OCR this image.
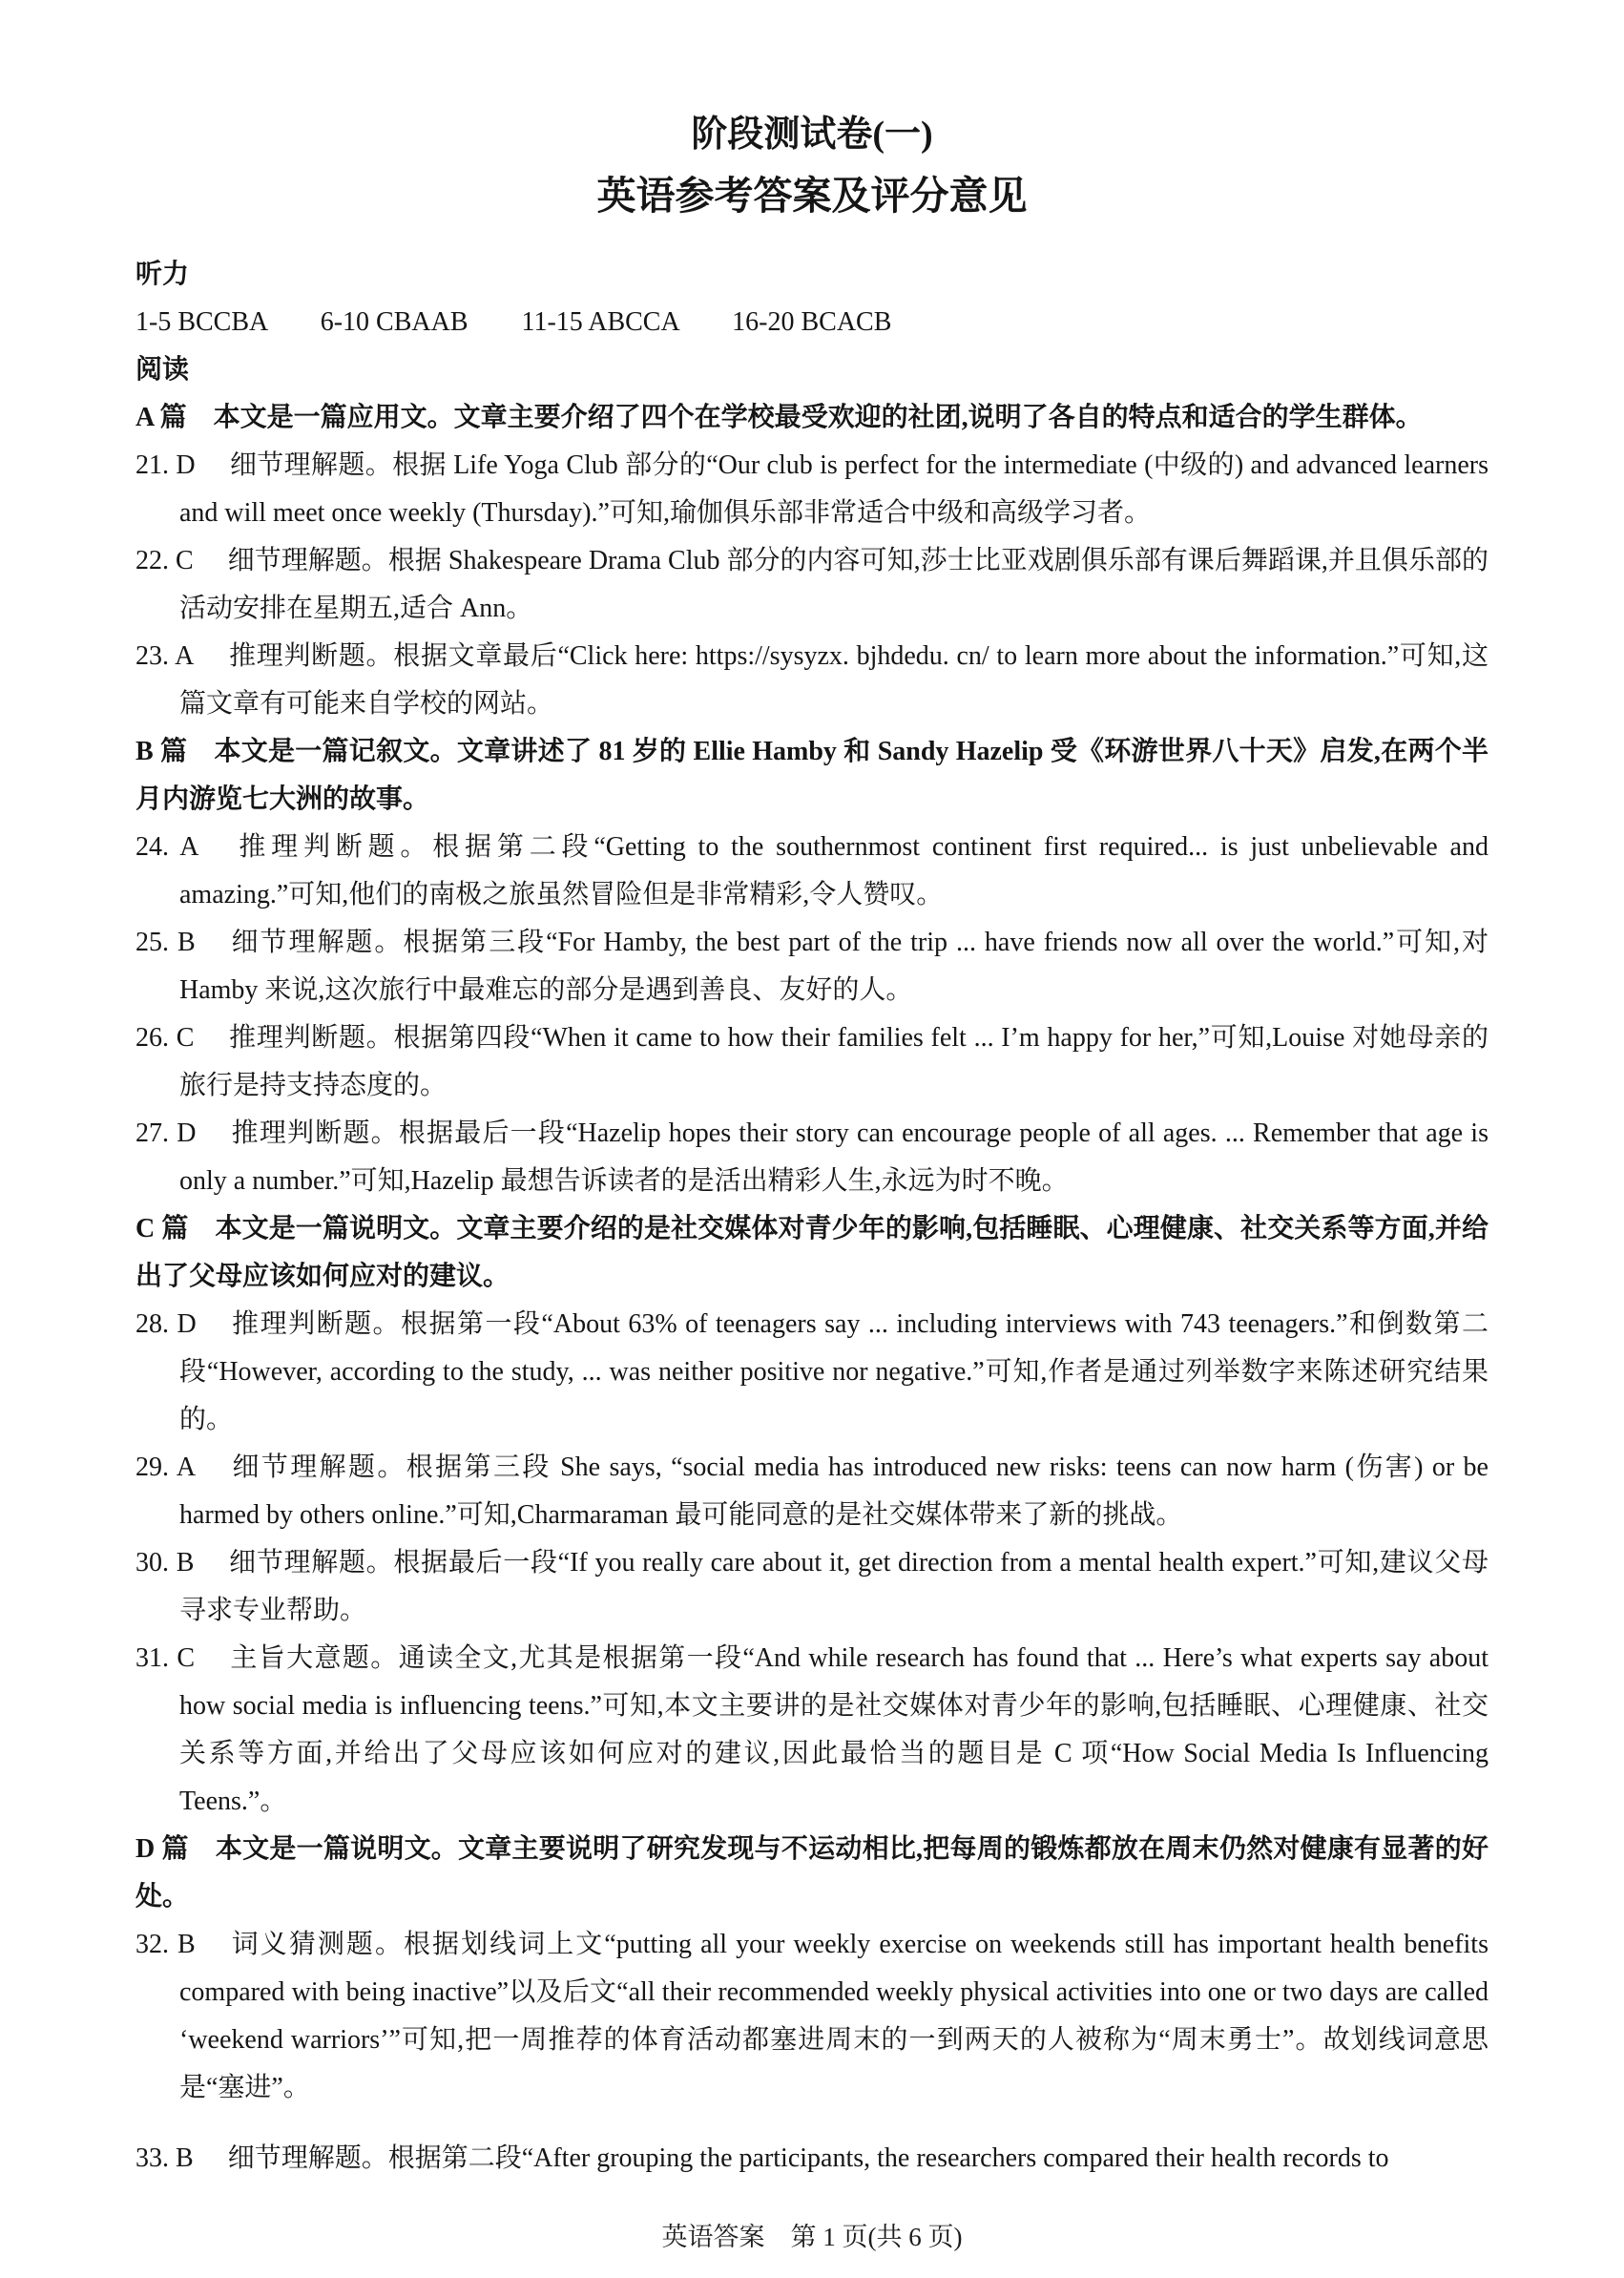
阶段测试卷(一)
英语参考答案及评分意见
听力
1-5 BCCBA　　6-10 CBAAB　　11-15 ABCCA　　16-20 BCACB
阅读
A 篇　本文是一篇应用文。文章主要介绍了四个在学校最受欢迎的社团,说明了各自的特点和适合的学生群体。
21. D 细节理解题。根据 Life Yoga Club 部分的“Our club is perfect for the intermediate (中级的) and advanced learners and will meet once weekly (Thursday).”可知,瑜伽俱乐部非常适合中级和高级学习者。
22. C 细节理解题。根据 Shakespeare Drama Club 部分的内容可知,莎士比亚戏剧俱乐部有课后舞蹈课,并且俱乐部的活动安排在星期五,适合 Ann。
23. A 推理判断题。根据文章最后“Click here: https://sysyzx. bjhdedu. cn/ to learn more about the information.”可知,这篇文章有可能来自学校的网站。
B 篇　本文是一篇记叙文。文章讲述了 81 岁的 Ellie Hamby 和 Sandy Hazelip 受《环游世界八十天》启发,在两个半月内游览七大洲的故事。
24. A 推理判断题。根据第二段“Getting to the southernmost continent first required... is just unbelievable and amazing.”可知,他们的南极之旅虽然冒险但是非常精彩,令人赞叹。
25. B 细节理解题。根据第三段“For Hamby, the best part of the trip ... have friends now all over the world.”可知,对 Hamby 来说,这次旅行中最难忘的部分是遇到善良、友好的人。
26. C 推理判断题。根据第四段“When it came to how their families felt ... I’m happy for her,”可知,Louise 对她母亲的旅行是持支持态度的。
27. D 推理判断题。根据最后一段“Hazelip hopes their story can encourage people of all ages. ... Remember that age is only a number.”可知,Hazelip 最想告诉读者的是活出精彩人生,永远为时不晚。
C 篇　本文是一篇说明文。文章主要介绍的是社交媒体对青少年的影响,包括睡眠、心理健康、社交关系等方面,并给出了父母应该如何应对的建议。
28. D 推理判断题。根据第一段“About 63% of teenagers say ... including interviews with 743 teenagers.”和倒数第二段“However, according to the study, ... was neither positive nor negative.”可知,作者是通过列举数字来陈述研究结果的。
29. A 细节理解题。根据第三段 She says, “social media has introduced new risks: teens can now harm (伤害) or be harmed by others online.”可知,Charmaraman 最可能同意的是社交媒体带来了新的挑战。
30. B 细节理解题。根据最后一段“If you really care about it, get direction from a mental health expert.”可知,建议父母寻求专业帮助。
31. C 主旨大意题。通读全文,尤其是根据第一段“And while research has found that ... Here’s what experts say about how social media is influencing teens.”可知,本文主要讲的是社交媒体对青少年的影响,包括睡眠、心理健康、社交关系等方面,并给出了父母应该如何应对的建议,因此最恰当的题目是 C 项“How Social Media Is Influencing Teens.”。
D 篇　本文是一篇说明文。文章主要说明了研究发现与不运动相比,把每周的锻炼都放在周末仍然对健康有显著的好处。
32. B 词义猜测题。根据划线词上文“putting all your weekly exercise on weekends still has important health benefits compared with being inactive”以及后文“all their recommended weekly physical activities into one or two days are called ‘weekend warriors’”可知,把一周推荐的体育活动都塞进周末的一到两天的人被称为“周末勇士”。故划线词意思是“塞进”。
33. B 细节理解题。根据第二段“After grouping the participants, the researchers compared their health records to
英语答案　第 1 页(共 6 页)
